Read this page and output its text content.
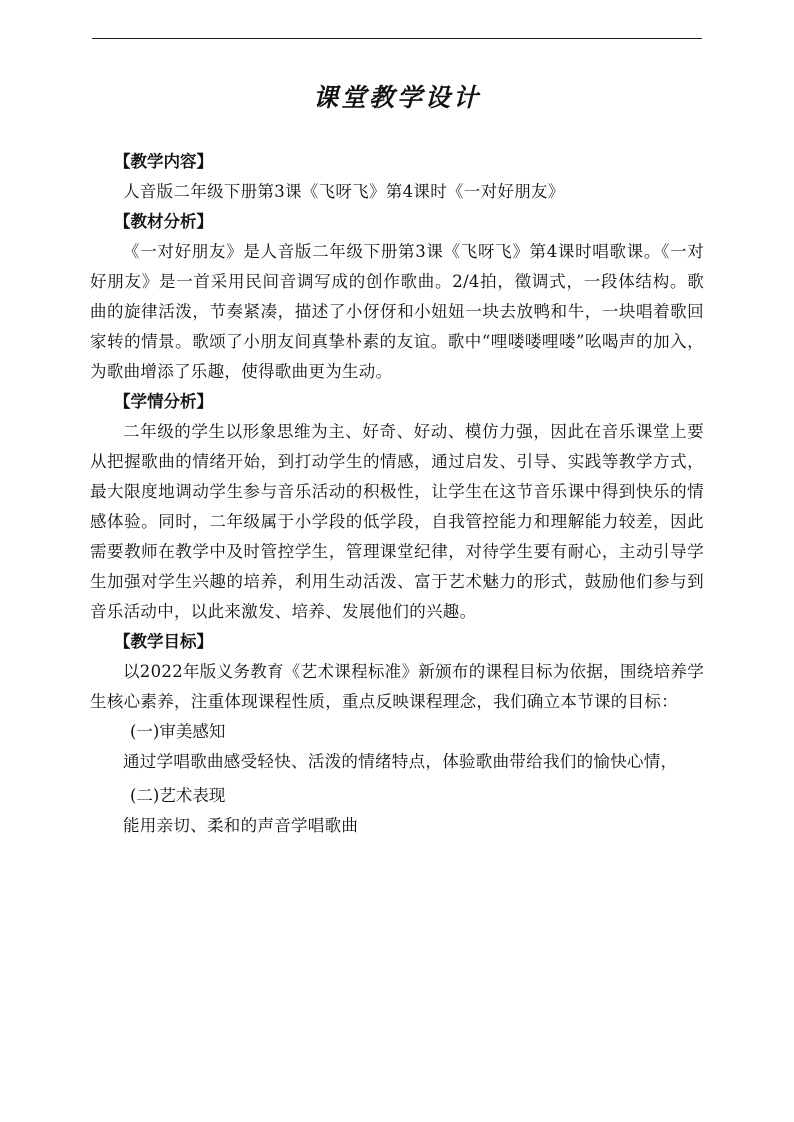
课堂教学设计

【教学内容】

人音版二年级下册第3课《飞呀飞》第4课时《一对好朋友》

【教材分析】

《一对好朋友》是人音版二年级下册第3课《飞呀飞》第4课时唱歌课。《一对好朋友》是一首采用民间音调写成的创作歌曲。2/4拍，徵调式，一段体结构。歌曲的旋律活泼，节奏紧凑，描述了小伢伢和小妞妞一块去放鸭和牛，一块唱着歌回家转的情景。歌颂了小朋友间真挚朴素的友谊。歌中“哩喽喽哩喽”吆喝声的加入，为歌曲增添了乐趣，使得歌曲更为生动。

【学情分析】

二年级的学生以形象思维为主、好奇、好动、模仿力强，因此在音乐课堂上要从把握歌曲的情绪开始，到打动学生的情感，通过启发、引导、实践等教学方式，最大限度地调动学生参与音乐活动的积极性，让学生在这节音乐课中得到快乐的情感体验。同时，二年级属于小学段的低学段，自我管控能力和理解能力较差，因此需要教师在教学中及时管控学生，管理课堂纪律，对待学生要有耐心，主动引导学生加强对学生兴趣的培养，利用生动活泼、富于艺术魅力的形式，鼓励他们参与到音乐活动中，以此来激发、培养、发展他们的兴趣。

【教学目标】

以2022年版义务教育《艺术课程标准》新颁布的课程目标为依据，围绕培养学生核心素养，注重体现课程性质，重点反映课程理念，我们确立本节课的目标：

(一)审美感知

通过学唱歌曲感受轻快、活泼的情绪特点，体验歌曲带给我们的愉快心情，

(二)艺术表现

能用亲切、柔和的声音学唱歌曲
